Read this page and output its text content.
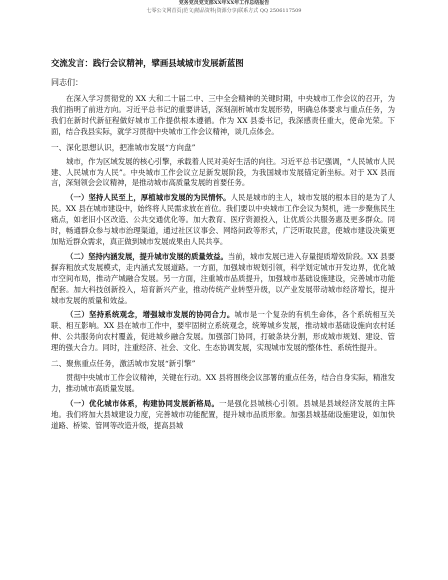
党务党员党支部XX年XX年工作总结报告
七零公文网首页|范文|精品资料|资源分享|联系方式 QQ 2506117509
交流发言：践行会议精神，擘画县域城市发展新蓝图
同志们：

在深入学习贯彻党的 XX 大和二十届二中、三中全会精神的关键时期，中央城市工作会议的召开，为我们指明了前进方向。习近平总书记的重要讲话，深刻剖析城市发展形势，明确总体要求与重点任务，为我们在新时代新征程做好城市工作提供根本遵循。作为 XX 县委书记，我深感责任重大，使命光荣。下面，结合我县实际，就学习贯彻中央城市工作会议精神，谈几点体会。

一、深化思想认识，把准城市发展“方向盘”

城市，作为区域发展的核心引擎，承载着人民对美好生活的向往。习近平总书记强调，“人民城市人民建、人民城市为人民”。中央城市工作会议立足新发展阶段，为我国城市发展锚定新坐标。对于 XX 县而言，深刻领会会议精神，是推动城市高质量发展的首要任务。

（一）坚持人民至上，厚植城市发展的为民情怀。人民是城市的主人，城市发展的根本目的是为了人民。XX 县在城市建设中，始终将人民需求放在首位。我们要以中央城市工作会议为契机，进一步聚焦民生痛点，如老旧小区改造、公共交通优化等。加大教育、医疗资源投入，让优质公共服务惠及更多群众。同时，畅通群众参与城市治理渠道，通过社区议事会、网络问政等形式，广泛听取民意，使城市建设决策更加贴近群众需求，真正做到城市发展成果由人民共享。

（二）坚持内涵发展，提升城市发展的质量效益。当前，城市发展已进入存量提质增效阶段。XX 县要摒弃粗放式发展模式，走内涵式发展道路。一方面，加强城市规划引领，科学划定城市开发边界，优化城市空间布局，推动产城融合发展。另一方面，注重城市品质提升，加强城市基础设施建设，完善城市功能配套。加大科技创新投入，培育新兴产业，推动传统产业转型升级，以产业发展带动城市经济增长，提升城市发展的质量和效益。

（三）坚持系统观念，增强城市发展的协同合力。城市是一个复杂的有机生命体，各个系统相互关联、相互影响。XX 县在城市工作中，要牢固树立系统观念，统筹城乡发展，推动城市基础设施向农村延伸、公共服务向农村覆盖，促进城乡融合发展。加强部门协同，打破条块分割，形成城市规划、建设、管理的强大合力。同时，注重经济、社会、文化、生态协调发展，实现城市发展的整体性、系统性提升。

二、聚焦重点任务，激活城市发展“新引擎”

贯彻中央城市工作会议精神，关键在行动。XX 县将围绕会议部署的重点任务，结合自身实际，精准发力，推动城市高质量发展。

（一）优化城市体系，构建协同发展新格局。一是强化县城核心引领。县城是县域经济发展的主阵地。我们将加大县城建设力度，完善城市功能配置，提升城市品质形象。加强县城基础设施建设，如加快道路、桥梁、管网等改造升级，提高县城
